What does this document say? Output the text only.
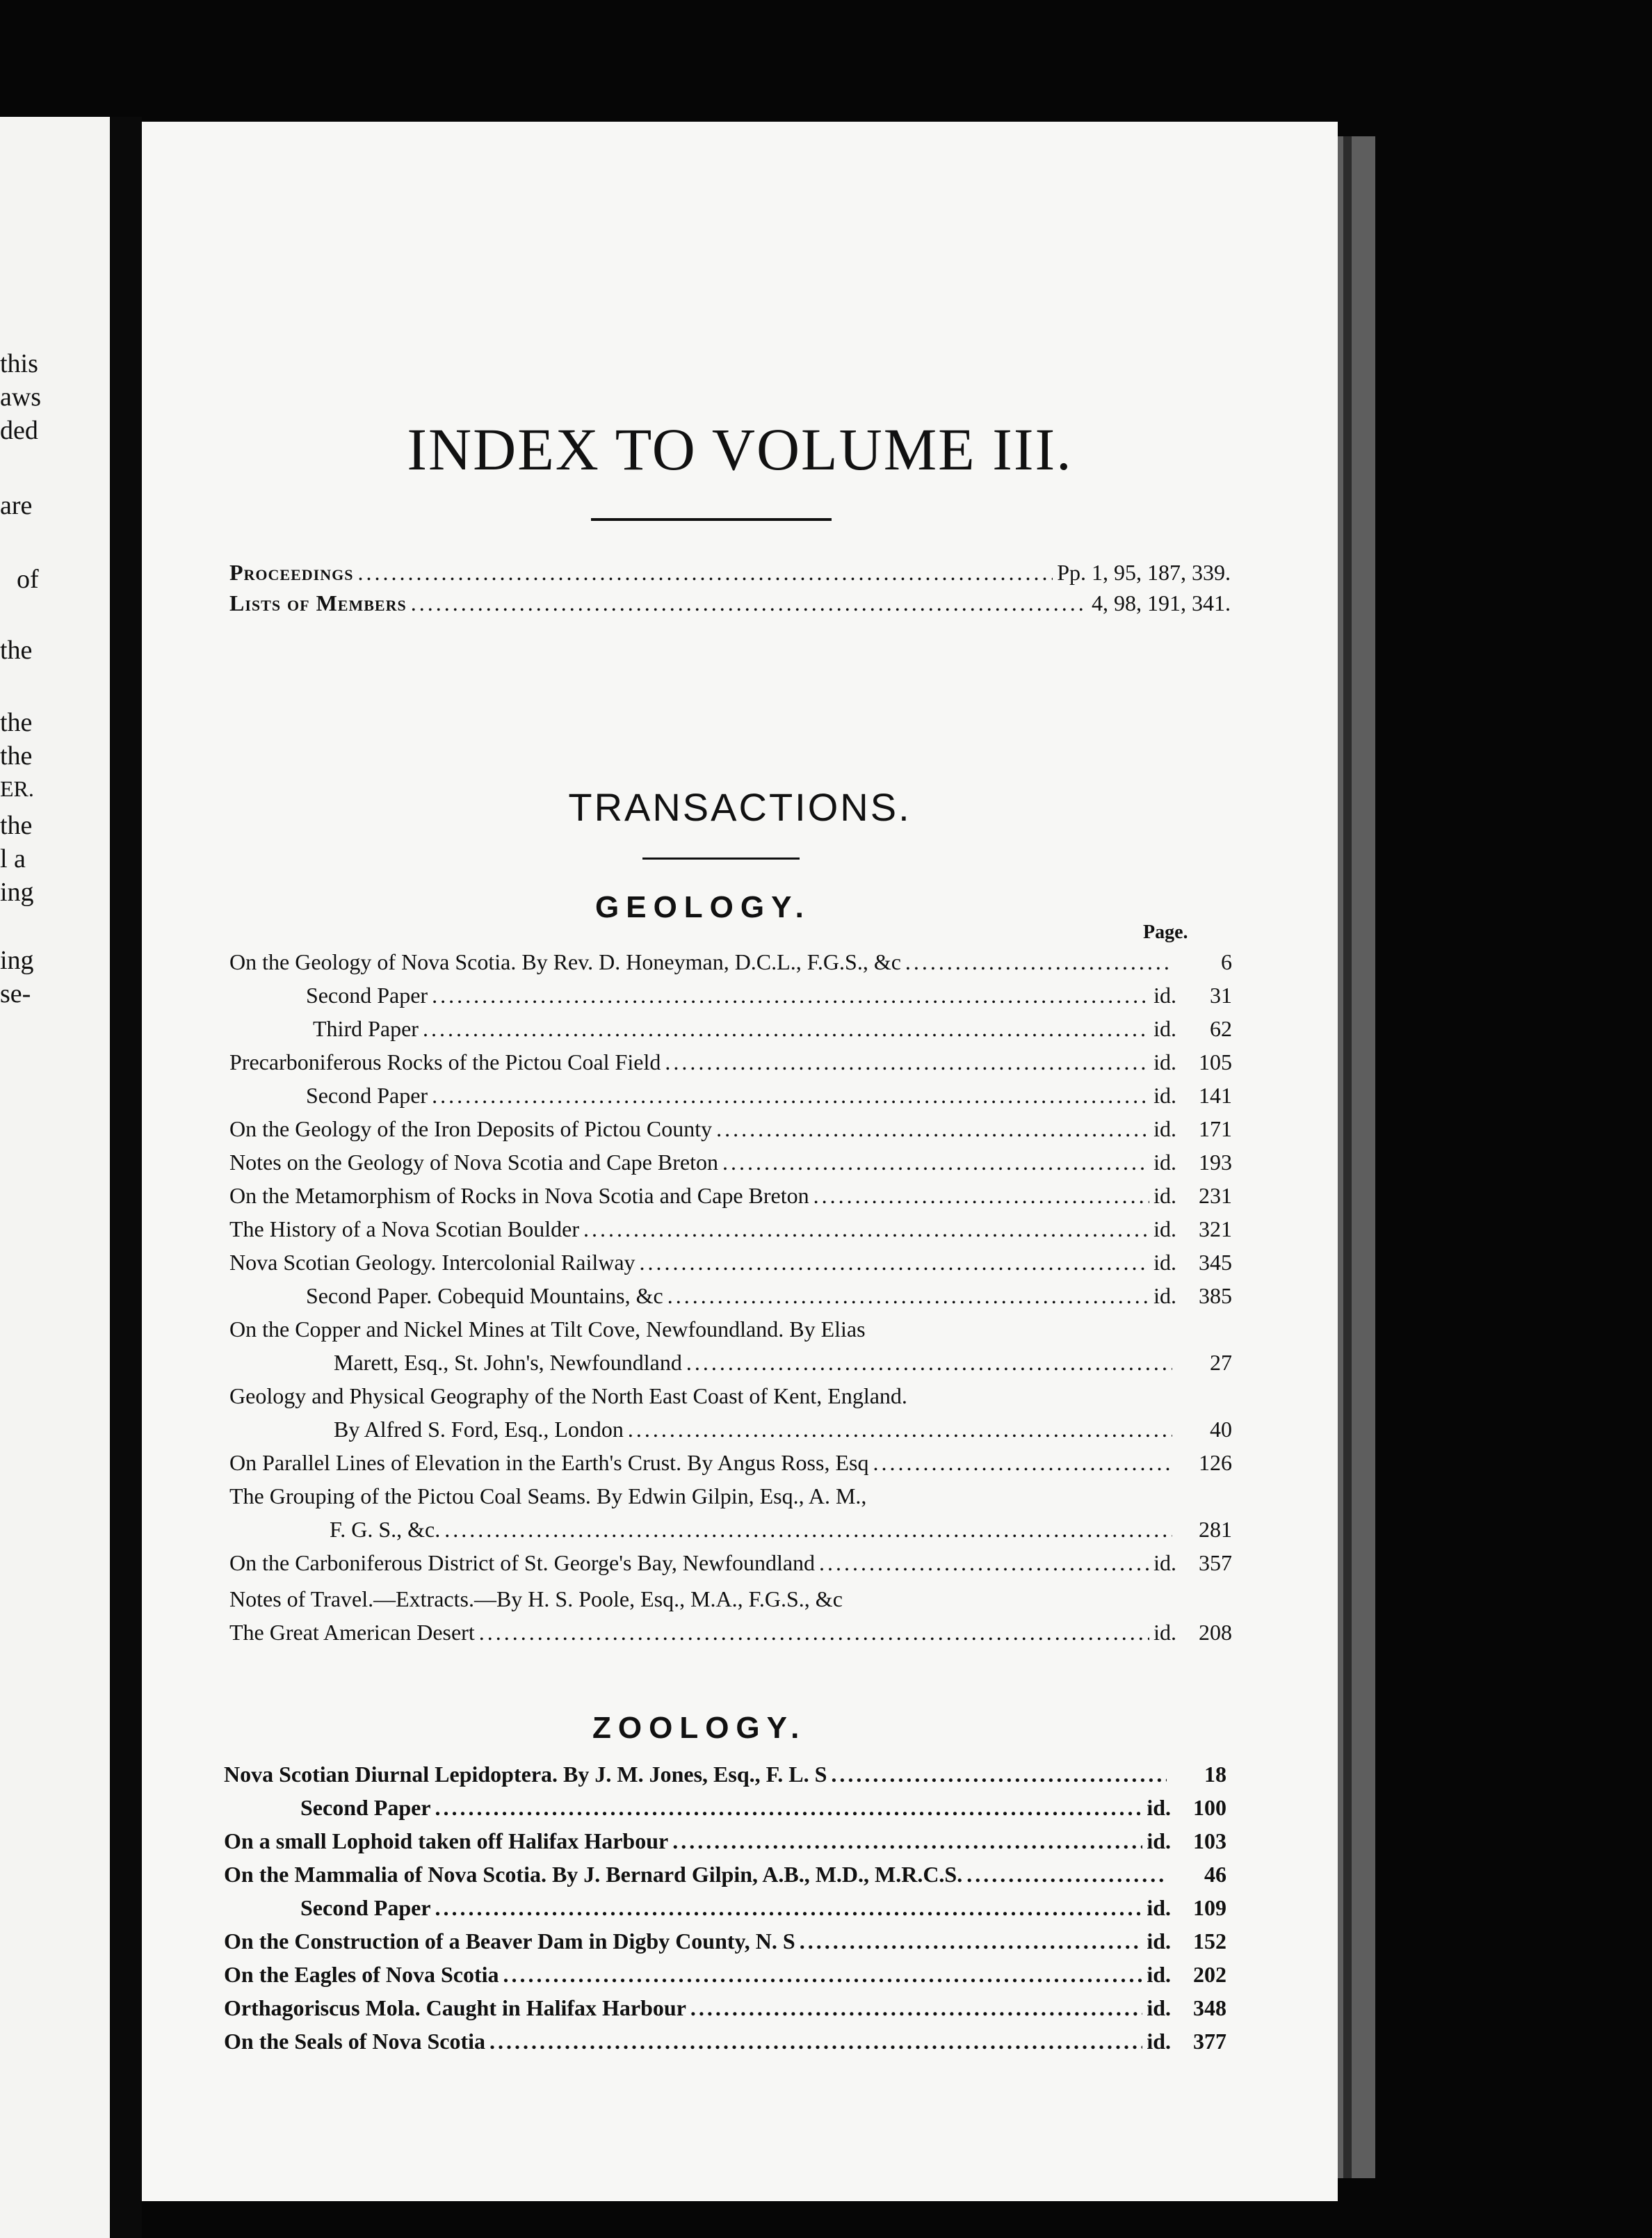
this
aws
ded
are
of
the
the
the
ER.
the
l a
ing
ing
se-
INDEX TO VOLUME III.
Proceedings . . .	Pp. 1, 95, 187, 339.
Lists of Members . . .	4, 98, 191, 341.
TRANSACTIONS.
GEOLOGY.
Page.
On the Geology of Nova Scotia. By Rev. D. Honeyman, D.C.L., F.G.S., &c . . .	6
Second Paper . . .	id.	31
Third Paper . . .	id.	62
Precarboniferous Rocks of the Pictou Coal Field . . .	id.	105
Second Paper . . .	id.	141
On the Geology of the Iron Deposits of Pictou County . . .	id.	171
Notes on the Geology of Nova Scotia and Cape Breton . . .	id.	193
On the Metamorphism of Rocks in Nova Scotia and Cape Breton . . .	id.	231
The History of a Nova Scotian Boulder . . .	id.	321
Nova Scotian Geology. Intercolonial Railway . . .	id.	345
Second Paper. Cobequid Mountains, &c . . .	id.	385
On the Copper and Nickel Mines at Tilt Cove, Newfoundland. By Elias
Marett, Esq., St. John's, Newfoundland . . .	27
Geology and Physical Geography of the North East Coast of Kent, England.
By Alfred S. Ford, Esq., London . . .	40
On Parallel Lines of Elevation in the Earth's Crust. By Angus Ross, Esq . . .	126
The Grouping of the Pictou Coal Seams. By Edwin Gilpin, Esq., A. M.,
F. G. S., &c. . . .	281
On the Carboniferous District of St. George's Bay, Newfoundland . . .	id.	357
Notes of Travel.—Extracts.—By H. S. Poole, Esq., M.A., F.G.S., &c
The Great American Desert . . .	id.	208
ZOOLOGY.
Nova Scotian Diurnal Lepidoptera. By J. M. Jones, Esq., F. L. S . . .	18
Second Paper . . .	id.	100
On a small Lophoid taken off Halifax Harbour . . .	id.	103
On the Mammalia of Nova Scotia. By J. Bernard Gilpin, A.B., M.D., M.R.C.S. . . .	46
Second Paper . . .	id.	109
On the Construction of a Beaver Dam in Digby County, N. S . . .	id.	152
On the Eagles of Nova Scotia . . .	id.	202
Orthagoriscus Mola. Caught in Halifax Harbour . . .	id.	348
On the Seals of Nova Scotia . . .	id.	377
